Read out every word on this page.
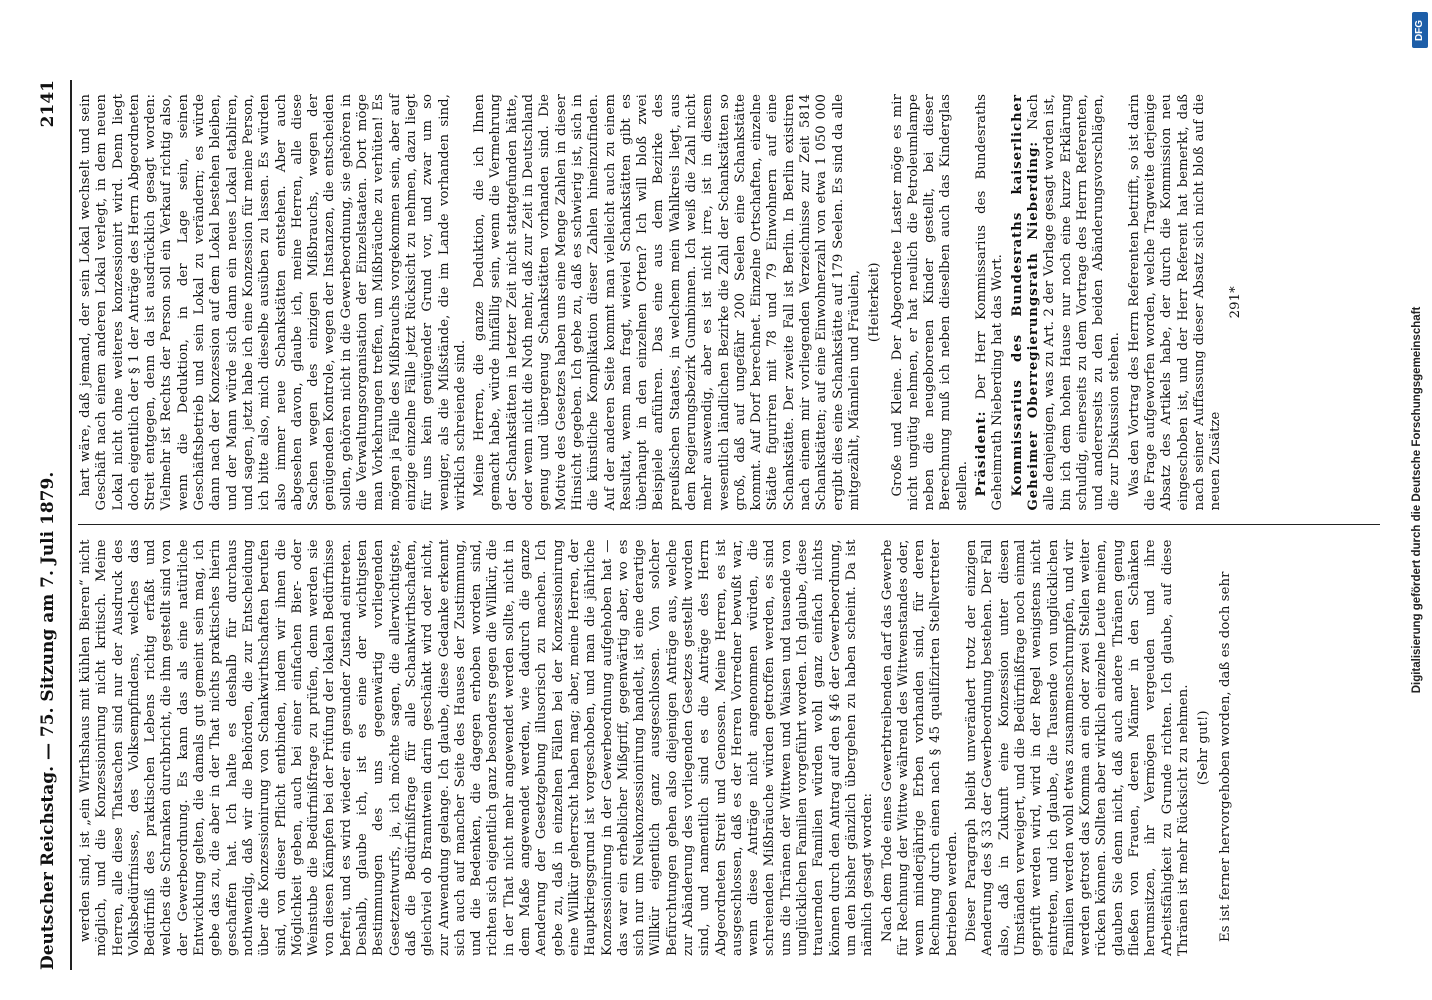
Deutscher Reichstag. — 75. Sitzung am 7. Juli 1879.
2141

werden sind, ist „ein Wirthshaus mit kühlen Bieren“ nicht möglich, und die Konzessionirung nicht kritisch. Meine Herren, alle diese Thatsachen sind nur der Ausdruck des Volksbedürfnisses, des Volksempfindens, welches das Bedürfniß des praktischen Lebens richtig erfaßt und welches die Schranken durchbricht, die ihm gestellt sind von der Gewerbeordnung. Es kann das als eine natürliche Entwicklung gelten, die damals gut gemeint sein mag, ich gebe das zu, die aber in der That nichts praktisches hierin geschaffen hat. Ich halte es deshalb für durchaus nothwendig, daß wir die Behörden, die zur Entscheidung über die Konzessionirung von Schankwirthschaften berufen sind, von dieser Pflicht entbinden, indem wir ihnen die Möglichkeit geben, auch bei einer einfachen Bier- oder Weinstube die Bedürfnißfrage zu prüfen, denn werden sie von diesen Kämpfen bei der Prüfung der lokalen Bedürfnisse befreit, und es wird wieder ein gesunder Zustand eintreten. Deshalb, glaube ich, ist es eine der wichtigsten Bestimmungen des uns gegenwärtig vorliegenden Gesetzentwurfs, ja, ich möchte sagen, die allerwichtigste, daß die Bedürfnißfrage für alle Schankwirthschaften, gleichviel ob Branntwein darin geschänkt wird oder nicht, zur Anwendung gelange. Ich glaube, diese Gedanke erkennt sich auch auf mancher Seite des Hauses der Zustimmung, und die Bedenken, die dagegen erhoben worden sind, richten sich eigentlich ganz besonders gegen die Willkür, die in der That nicht mehr angewendet werden sollte, nicht in dem Maße angewendet werden, wie dadurch die ganze Aenderung der Gesetzgebung illusorisch zu machen. Ich gebe zu, daß in einzelnen Fällen bei der Konzessionirung eine Willkür geherrscht haben mag; aber, meine Herren, der Hauptkriegsgrund ist vorgeschoben, und man die jährliche Konzessionirung in der Gewerbeordnung aufgehoben hat — das war ein erheblicher Mißgriff, gegenwärtig aber, wo es sich nur um Neukonzessionirung handelt, ist eine derartige Willkür eigentlich ganz ausgeschlossen. Von solcher Befürchtungen gehen also diejenigen Anträge aus, welche zur Abänderung des vorliegenden Gesetzes gestellt worden sind, und namentlich sind es die Anträge des Herrn Abgeordneten Streit und Genossen. Meine Herren, es ist ausgeschlossen, daß es der Herren Vorredner bewußt war, wenn diese Anträge nicht angenommen würden, die schreienden Mißbräuche würden getroffen werden, es sind uns die Thränen der Wittwen und Waisen und tausende von unglücklichen Familien vorgeführt worden. Ich glaube, diese trauernden Familien würden wohl ganz einfach nichts können durch den Antrag auf den § 46 der Gewerbeordnung, um den bisher gänzlich übergehen zu haben scheint. Da ist nämlich gesagt worden: Nach dem Tode eines Gewerbtreibenden darf das Gewerbe für Rechnung der Wittwe während des Wittwenstandes oder, wenn minderjährige Erben vorhanden sind, für deren Rechnung durch einen nach § 45 qualifizirten Stellvertreter betrieben werden. Dieser Paragraph bleibt unverändert trotz der einzigen Aenderung des § 33 der Gewerbeordnung bestehen. Der Fall also, daß in Zukunft eine Konzession unter diesen Umständen verweigert, und die Bedürfnißfrage noch einmal geprüft werden wird, wird in der Regel wenigstens nicht eintreten, und ich glaube, die Tausende von unglücklichen Familien werden wohl etwas zusammenschrumpfen, und wir werden getrost das Komma an ein oder zwei Stellen weiter rücken können. Sollten aber wirklich einzelne Leute meinen, glauben Sie denn nicht, daß auch andere Thränen genug fließen von Frauen, deren Männer in den Schänken herumsitzen, ihr Vermögen vergeuden und ihre Arbeitsfähigkeit zu Grunde richten. Ich glaube, auf diese Thränen ist mehr Rücksicht zu nehmen. (Sehr gut!) Es ist ferner hervorgehoben worden, daß es doch sehr

hart wäre, daß jemand, der sein Lokal wechselt und sein Geschäft nach einem anderen Lokal verlegt, in dem neuen Lokal nicht ohne weiteres konzessionirt wird. Denn liegt doch eigentlich der § 1 der Anträge des Herrn Abgeordneten Streit entgegen, denn da ist ausdrücklich gesagt worden: Vielmehr ist Rechts der Person soll ein Verkauf richtig also, wenn die Deduktion, in der Lage sein, seinen Geschäftsbetrieb und sein Lokal zu verändern; es würde dann nach der Konzession auf dem Lokal bestehen bleiben, und der Mann würde sich dann ein neues Lokal etabliren, und sagen, jetzt habe ich eine Konzession für meine Person, ich bitte also, mich dieselbe ausüben zu lassen. Es würden also immer neue Schankstätten entstehen. Aber auch abgesehen davon, glaube ich, meine Herren, alle diese Sachen wegen des einzigen Mißbrauchs, wegen der genügenden Kontrole, wegen der Instanzen, die entscheiden sollen, gehören nicht in die Gewerbeordnung, sie gehören in die Verwaltungsorganisation der Einzelstaaten. Dort möge man Vorkehrungen treffen, um Mißbräuche zu verhüten! Es mögen ja Fälle des Mißbrauchs vorgekommen sein, aber auf einzige einzelne Fälle jetzt Rücksicht zu nehmen, dazu liegt für uns kein genügender Grund vor, und zwar um so weniger, als die Mißstände, die im Lande vorhanden sind, wirklich schreiende sind. Meine Herren, die ganze Deduktion, die ich Ihnen gemacht habe, würde hinfällig sein, wenn die Vermehrung der Schankstätten in letzter Zeit nicht stattgefunden hätte, oder wenn nicht die Noth mehr, daß zur Zeit in Deutschland genug und übergenug Schankstätten vorhanden sind. Die Motive des Gesetzes haben uns eine Menge Zahlen in dieser Hinsicht gegeben. Ich gebe zu, daß es schwierig ist, sich in die künstliche Komplikation dieser Zahlen hineinzufinden. Auf der anderen Seite kommt man vielleicht auch zu einem Resultat, wenn man fragt, wieviel Schankstätten gibt es überhaupt in den einzelnen Orten? Ich will bloß zwei Beispiele anführen. Das eine aus dem Bezirke des preußischen Staates, in welchem mein Wahlkreis liegt, aus dem Regierungsbezirk Gumbinnen. Ich weiß die Zahl nicht mehr auswendig, aber es ist nicht irre, ist in diesem wesentlich ländlichen Bezirke die Zahl der Schankstätten so groß, daß auf ungefähr 200 Seelen eine Schankstätte kommt. Auf Dorf berechnet. Einzelne Ortschaften, einzelne Städte figuriren mit 78 und 79 Einwohnern auf eine Schankstätte. Der zweite Fall ist Berlin. In Berlin existiren nach einem mir vorliegenden Verzeichnisse zur Zeit 5814 Schankstätten; auf eine Einwohnerzahl von etwa 1 050 000 ergibt dies eine Schankstätte auf 179 Seelen. Es sind da alle mitgezählt, Männlein und Fräulein, (Heiterkeit) Große und Kleine. Der Abgeordnete Laster möge es mir nicht ungütig nehmen, er hat neulich die Petroleumlampe neben die neugeborenen Kinder gestellt, bei dieser Berechnung muß ich neben dieselben auch das Kinderglas stellen. Präsident: Der Herr Kommissarius des Bundesraths Geheimrath Nieberding hat das Wort. Kommissarius des Bundesraths kaiserlicher Geheimer Oberregierungsrath Nieberding: Nach alle denjenigen, was zu Art. 2 der Vorlage gesagt worden ist, bin ich dem hohen Hause nur noch eine kurze Erklärung schuldig, einerseits zu dem Vortrage des Herrn Referenten, und andererseits zu den beiden Abänderungsvorschlägen, die zur Diskussion stehen. Was den Vortrag des Herrn Referenten betrifft, so ist darin die Frage aufgeworfen worden, welche Tragweite derjenige Absatz des Artikels habe, der durch die Kommission neu eingeschoben ist, und der Herr Referent hat bemerkt, daß nach seiner Auffassung dieser Absatz sich nicht bloß auf die neuen Zusätze

291*

Digitalisierung gefördert durch die Deutsche Forschungsgemeinschaft
DFG
